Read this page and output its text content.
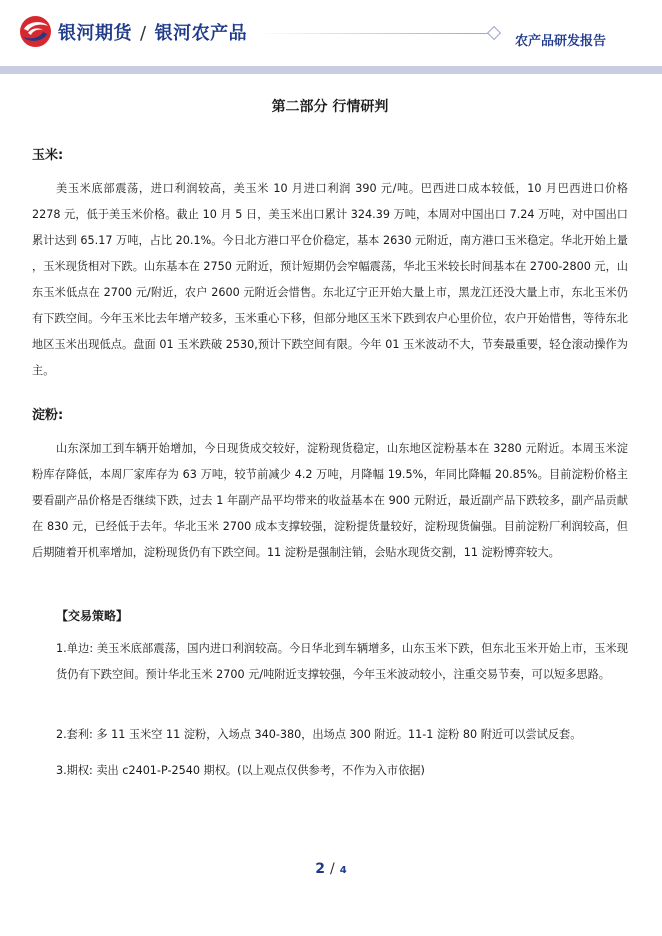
银河期货 / 银河农产品	农产品研发报告
第二部分 行情研判
玉米:

美玉米底部震荡，进口利润较高，美玉米 10 月进口利润 390 元/吨。巴西进口成本较低，10 月巴西进口价格 2278 元，低于美玉米价格。截止 10 月 5 日，美玉米出口累计 324.39 万吨，本周对中国出口 7.24 万吨，对中国出口累计达到 65.17 万吨，占比 20.1%。今日北方港口平仓价稳定，基本 2630 元附近，南方港口玉米稳定。华北开始上量 ，玉米现货相对下跌。山东基本在 2750 元附近，预计短期仍会窄幅震荡，华北玉米较长时间基本在 2700-2800 元，山东玉米低点在 2700 元/附近，农户 2600 元附近会惜售。东北辽宁正开始大量上市，黑龙江还没大量上市，东北玉米仍有下跌空间。今年玉米比去年增产较多，玉米重心下移，但部分地区玉米下跌到农户心里价位，农户开始惜售，等待东北地区玉米出现低点。盘面 01 玉米跌破 2530,预计下跌空间有限。今年 01 玉米波动不大，节奏最重要，轻仓滚动操作为主。

淀粉:

山东深加工到车辆开始增加，今日现货成交较好，淀粉现货稳定，山东地区淀粉基本在 3280 元附近。本周玉米淀粉库存降低，本周厂家库存为 63 万吨，较节前减少 4.2 万吨，月降幅 19.5%，年同比降幅 20.85%。目前淀粉价格主要看副产品价格是否继续下跌，过去 1 年副产品平均带来的收益基本在 900 元附近，最近副产品下跌较多，副产品贡献在 830 元，已经低于去年。华北玉米 2700 成本支撑较强，淀粉提货量较好，淀粉现货偏强。目前淀粉厂利润较高，但后期随着开机率增加，淀粉现货仍有下跌空间。11 淀粉是强制注销，会贴水现货交割，11 淀粉博弈较大。

【交易策略】

1.单边: 美玉米底部震荡，国内进口利润较高。今日华北到车辆增多，山东玉米下跌，但东北玉米开始上市，玉米现货仍有下跌空间。预计华北玉米 2700 元/吨附近支撑较强，今年玉米波动较小，注重交易节奏，可以短多思路。

2.套利: 多 11 玉米空 11 淀粉，入场点 340-380，出场点 300 附近。11-1 淀粉 80 附近可以尝试反套。

3.期权: 卖出 c2401-P-2540 期权。(以上观点仅供参考，不作为入市依据)

2 / 4
